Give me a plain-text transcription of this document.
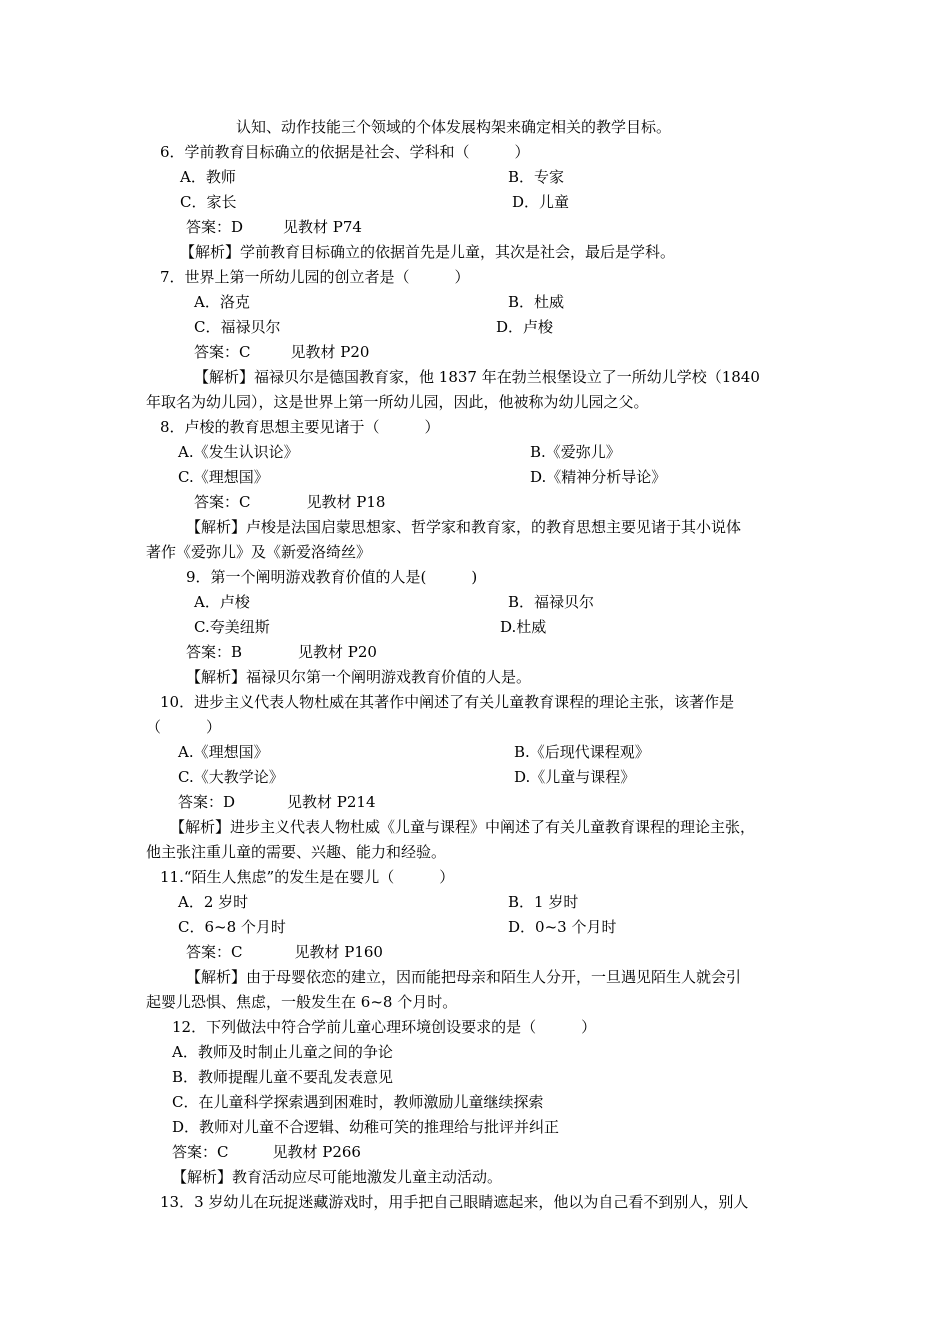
认知、动作技能三个领域的个体发展构架来确定相关的教学目标。
6．学前教育目标确立的依据是社会、学科和（　　　）
A．教师	B．专家
C．家长	D．儿童
答案：D	见教材 P74
【解析】学前教育目标确立的依据首先是儿童，其次是社会，最后是学科。
7．世界上第一所幼儿园的创立者是（　　　）
A．洛克	B．杜威
C．福禄贝尔	D．卢梭
答案：C	见教材 P20
【解析】福禄贝尔是德国教育家，他 1837 年在勃兰根堡设立了一所幼儿学校（1840
年取名为幼儿园），这是世界上第一所幼儿园，因此，他被称为幼儿园之父。
8．卢梭的教育思想主要见诸于（　　　）
A.《发生认识论》	B.《爱弥儿》
C.《理想国》	D.《精神分析导论》
答案：C	见教材 P18
【解析】卢梭是法国启蒙思想家、哲学家和教育家，的教育思想主要见诸于其小说体
著作《爱弥儿》及《新爱洛绮丝》
9．第一个阐明游戏教育价值的人是(　　　)
A．卢梭	B．福禄贝尔
C.夸美纽斯	D.杜威
答案：B	见教材 P20
【解析】福禄贝尔第一个阐明游戏教育价值的人是。
10．进步主义代表人物杜威在其著作中阐述了有关儿童教育课程的理论主张，该著作是
（　　　）
A.《理想国》	B.《后现代课程观》
C.《大教学论》	D.《儿童与课程》
答案：D	见教材 P214
【解析】进步主义代表人物杜威《儿童与课程》中阐述了有关儿童教育课程的理论主张，
他主张注重儿童的需要、兴趣、能力和经验。
11.“陌生人焦虑”的发生是在婴儿（　　　）
A．2 岁时	B．1 岁时
C．6~8 个月时	D．0~3 个月时
答案：C	见教材 P160
【解析】由于母婴依恋的建立，因而能把母亲和陌生人分开，一旦遇见陌生人就会引
起婴儿恐惧、焦虑，一般发生在 6~8 个月时。
12．下列做法中符合学前儿童心理环境创设要求的是（　　　）
A．教师及时制止儿童之间的争论
B．教师提醒儿童不要乱发表意见
C．在儿童科学探索遇到困难时，教师激励儿童继续探索
D．教师对儿童不合逻辑、幼稚可笑的推理给与批评并纠正
答案：C	见教材 P266
【解析】教育活动应尽可能地激发儿童主动活动。
13．3 岁幼儿在玩捉迷藏游戏时，用手把自己眼睛遮起来，他以为自己看不到别人，别人
